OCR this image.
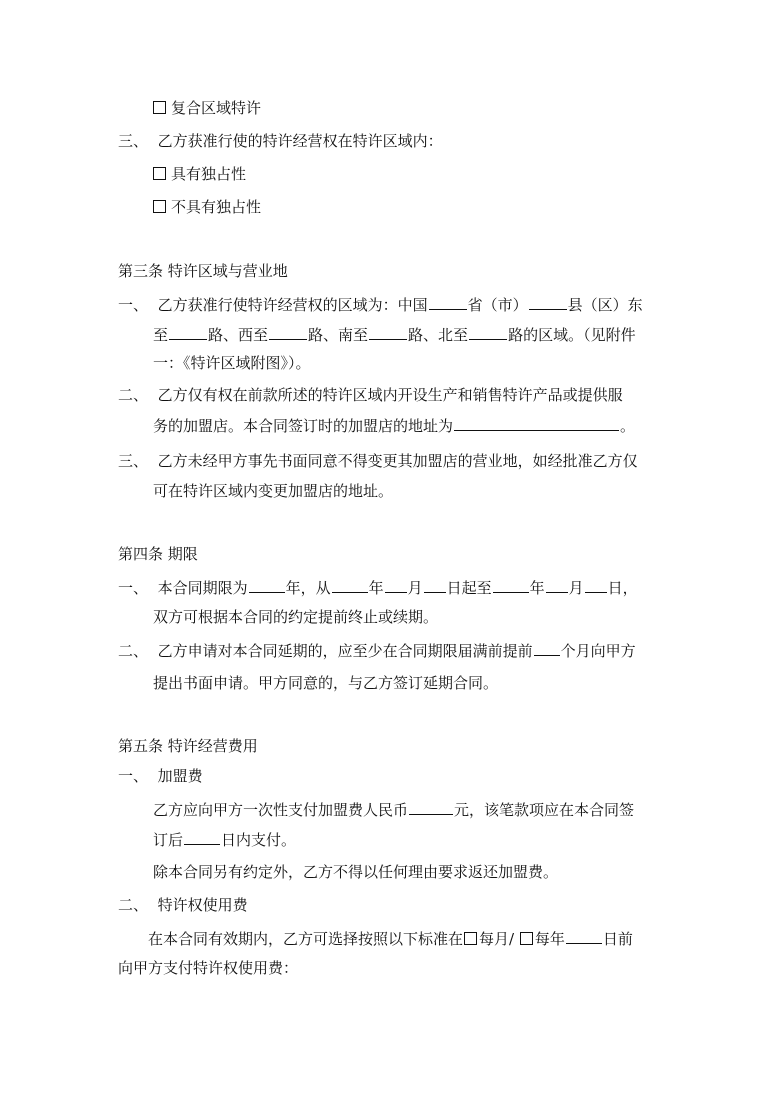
复合区域特许
三、 乙方获准行使的特许经营权在特许区域内：
具有独占性
不具有独占性
第三条 特许区域与营业地
一、 乙方获准行使特许经营权的区域为：中国	省（市）	县（区）东
至	路、西至	路、南至	路、北至	路的区域。（见附件
一：《特许区域附图》）。
二、 乙方仅有权在前款所述的特许区域内开设生产和销售特许产品或提供服
务的加盟店。本合同签订时的加盟店的地址为	。
三、 乙方未经甲方事先书面同意不得变更其加盟店的营业地，如经批准乙方仅
可在特许区域内变更加盟店的地址。
第四条 期限
一、 本合同期限为	年，从	年 月 日起至	年 月 日，
双方可根据本合同的约定提前终止或续期。
二、 乙方申请对本合同延期的，应至少在合同期限届满前提前 个月向甲方
提出书面申请。甲方同意的，与乙方签订延期合同。
第五条 特许经营费用
一、 加盟费
乙方应向甲方一次性支付加盟费人民币	元，该笔款项应在本合同签
订后	日内支付。
除本合同另有约定外，乙方不得以任何理由要求返还加盟费。
二、 特许权使用费
在本合同有效期内，乙方可选择按照以下标准在 每月/ 每年	日前
向甲方支付特许权使用费：
